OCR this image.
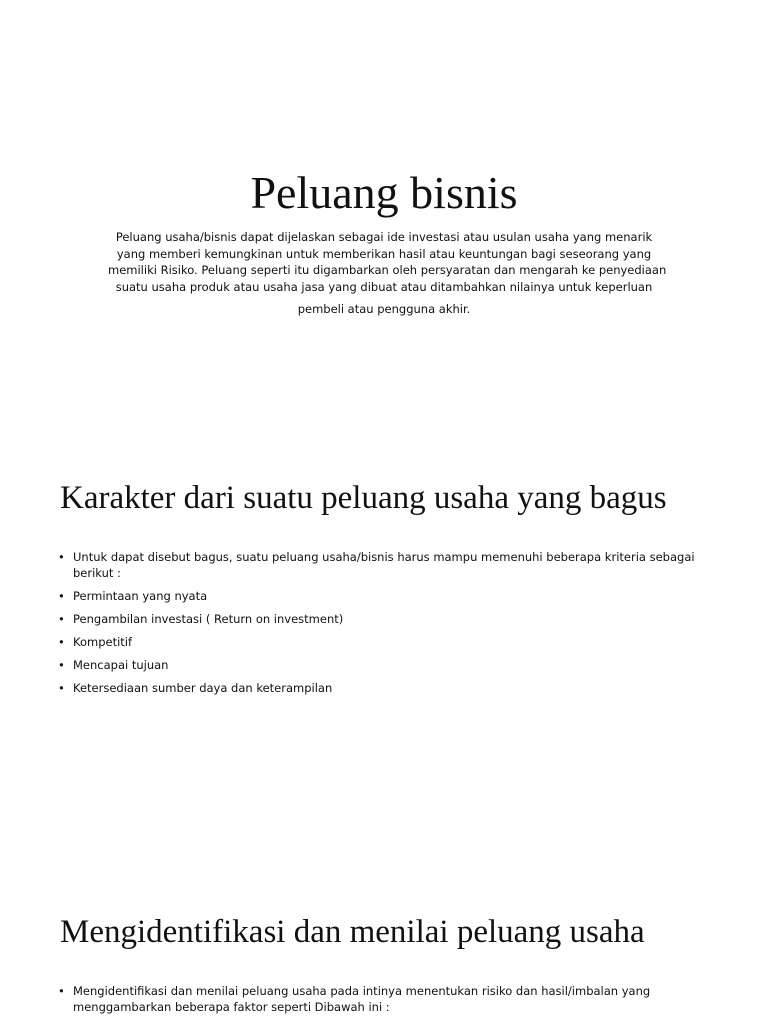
Peluang bisnis

Peluang usaha/bisnis dapat dijelaskan sebagai ide investasi atau usulan usaha yang menarik
yang memberi kemungkinan untuk memberikan hasil atau keuntungan bagi seseorang yang
memiliki Risiko. Peluang seperti itu digambarkan oleh persyaratan dan mengarah ke penyediaan
suatu usaha produk atau usaha jasa yang dibuat atau ditambahkan nilainya untuk keperluan
pembeli atau pengguna akhir.

Karakter dari suatu peluang usaha yang bagus
• Untuk dapat disebut bagus, suatu peluang usaha/bisnis harus mampu memenuhi beberapa kriteria sebagai berikut :
• Permintaan yang nyata
• Pengambilan investasi ( Return on investment)
• Kompetitif
• Mencapai tujuan
• Ketersediaan sumber daya dan keterampilan
Mengidentifikasi dan menilai peluang usaha
• Mengidentifikasi dan menilai peluang usaha pada intinya menentukan risiko dan hasil/imbalan yang menggambarkan beberapa faktor seperti Dibawah ini :
